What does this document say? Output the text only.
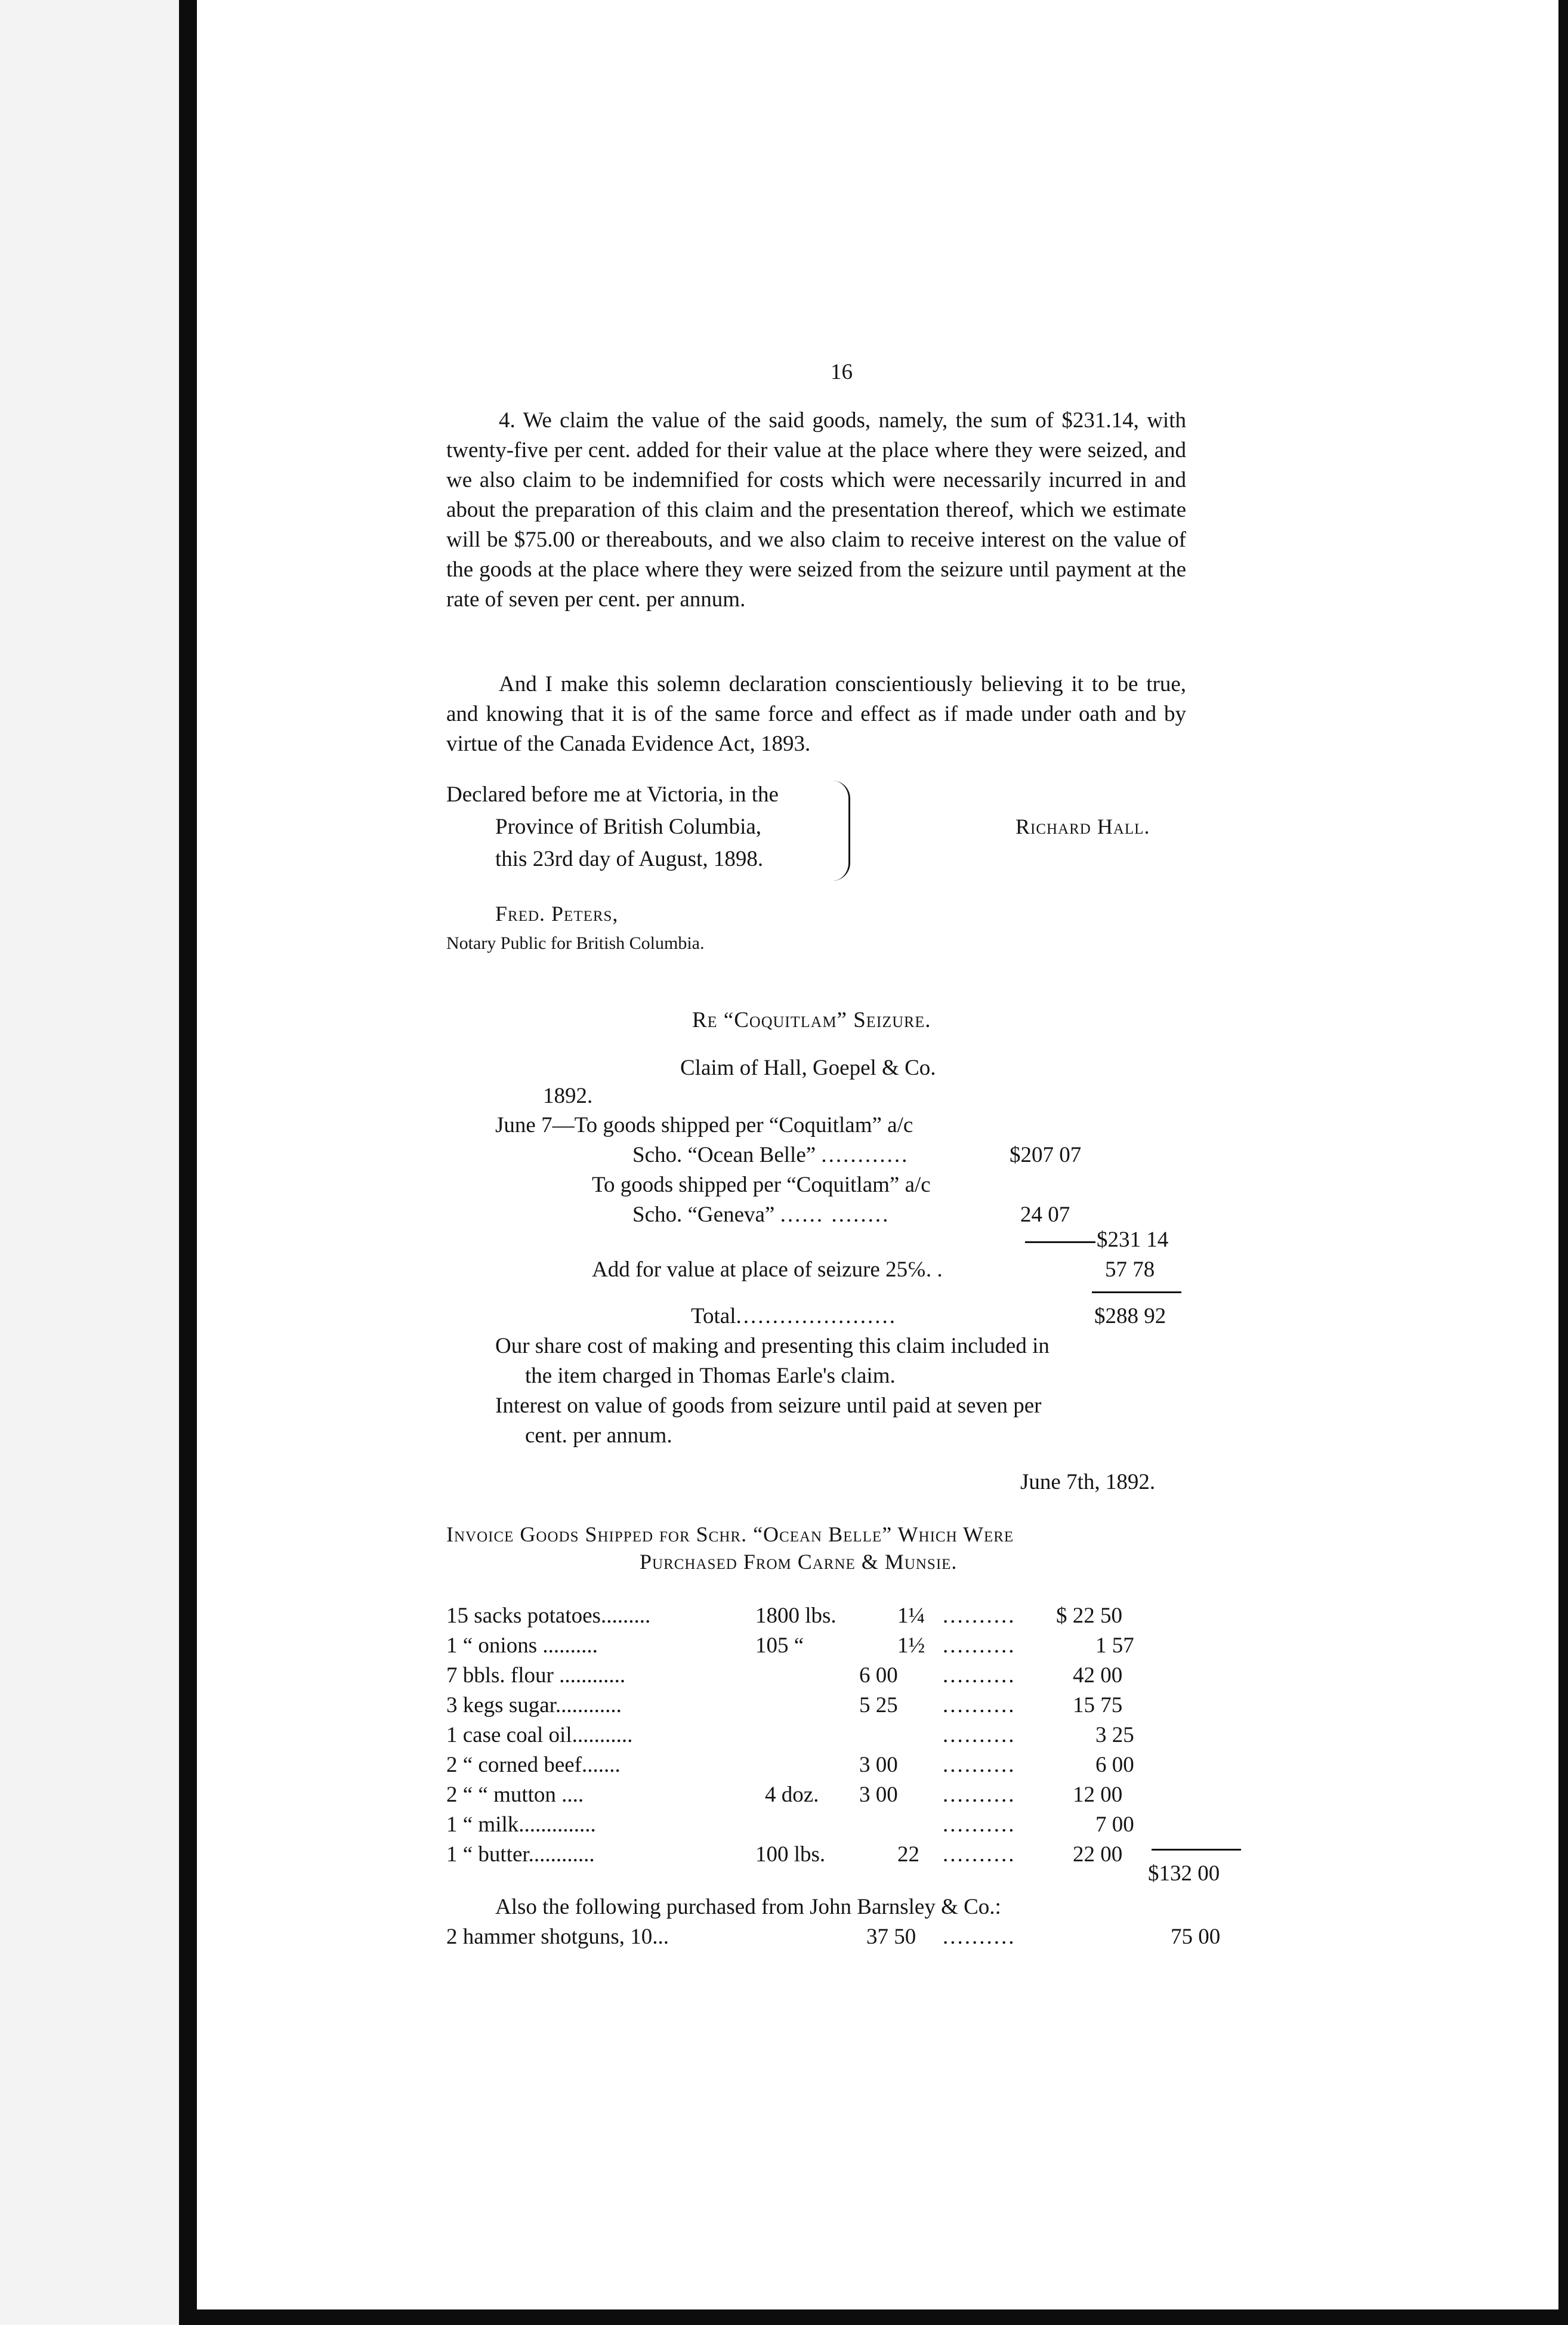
16

4. We claim the value of the said goods, namely, the sum of $231.14, with twenty-five per cent. added for their value at the place where they were seized, and we also claim to be indemnified for costs which were necessarily incurred in and about the preparation of this claim and the presentation thereof, which we estimate will be $75.00 or thereabouts, and we also claim to receive interest on the value of the goods at the place where they were seized from the seizure until payment at the rate of seven per cent. per annum.

And I make this solemn declaration conscientiously believing it to be true, and knowing that it is of the same force and effect as if made under oath and by virtue of the Canada Evidence Act, 1893.

Declared before me at Victoria, in the
Province of British Columbia,
this 23rd day of August, 1898.
Richard Hall.
Fred. Peters,
Notary Public for British Columbia.
Re “Coquitlam” Seizure.
Claim of Hall, Goepel & Co.
1892.
June 7—To goods shipped per “Coquitlam” a/c
Scho. “Ocean Belle” ............	$207 07
To goods shipped per “Coquitlam” a/c
Scho. “Geneva” ...... ........	24 07
$231 14
Add for value at place of seizure 25℅. .	57 78
Total......................	$288 92
Our share cost of making and presenting this claim included in
the item charged in Thomas Earle's claim.
Interest on value of goods from seizure until paid at seven per
cent. per annum.
June 7th, 1892.
Invoice Goods Shipped for Schr. “Ocean Belle” Which Were
Purchased From Carne & Munsie.
15 sacks potatoes.........	1800 lbs.	1¼ .......... $ 22 50
1 “ onions ..........	105 “	1½ ..........	1 57
7 bbls. flour ............	6 00 ..........	42 00
3 kegs sugar............	5 25 ..........	15 75
1 case coal oil...........	..........	3 25
2 “ corned beef.......	3 00 ..........	6 00
2 “ “ mutton ....	4 doz. 3 00 ..........	12 00
1 “ milk..............	..........	7 00
1 “ butter............	100 lbs.	22 ..........	22 00
$132 00
Also the following purchased from John Barnsley & Co.:
2 hammer shotguns, 10...	37 50 ..........	75 00
